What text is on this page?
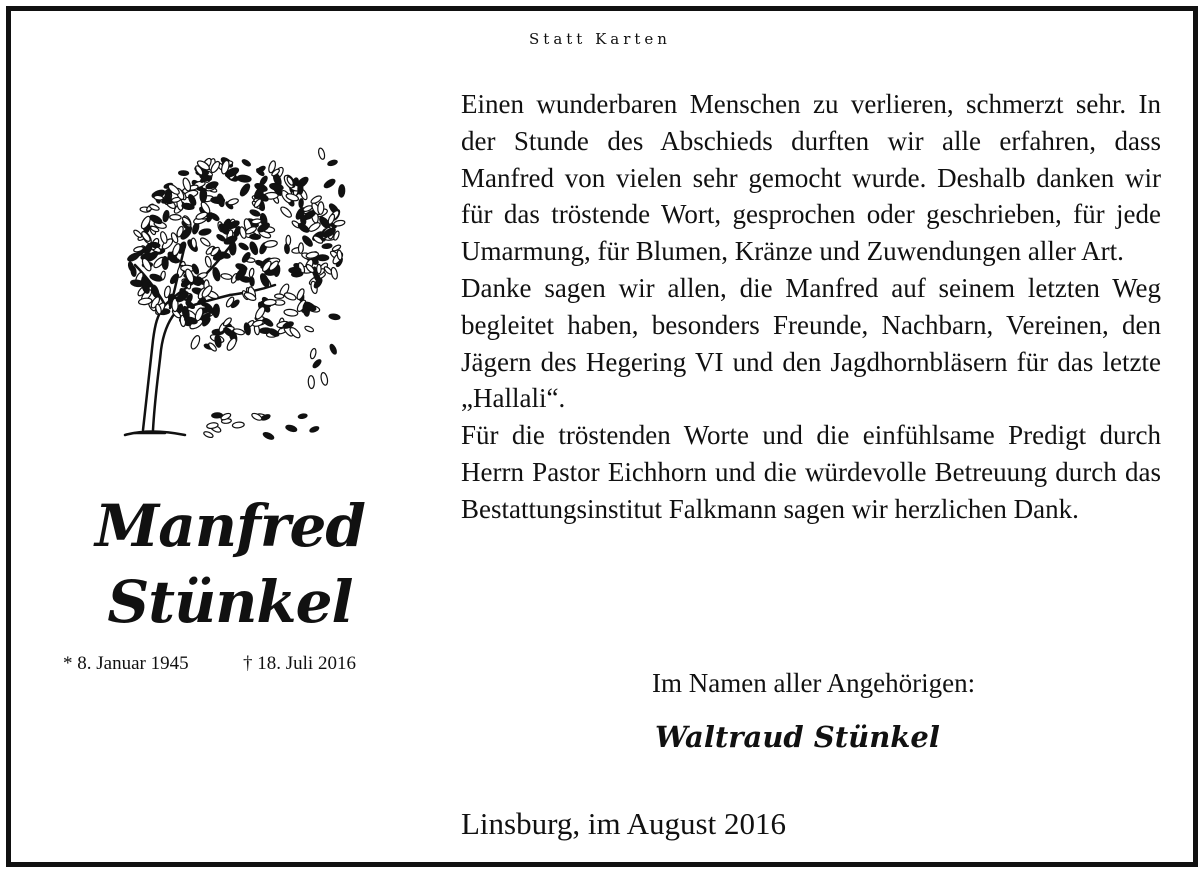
Statt Karten
Manfred
Stünkel
* 8. Januar 1945	† 18. Juli 2016

Einen wunderbaren Menschen zu verlieren, schmerzt sehr. In der Stunde des Abschieds durften wir alle erfahren, dass Manfred von vielen sehr gemocht wurde. Deshalb danken wir für das tröstende Wort, gesprochen oder geschrieben, für jede Umarmung, für Blumen, Kränze und Zuwendungen aller Art.

Danke sagen wir allen, die Manfred auf seinem letzten Weg begleitet haben, besonders Freunde, Nachbarn, Vereinen, den Jägern des Hegering VI und den Jagdhornbläsern für das letzte „Hallali“.

Für die tröstenden Worte und die einfühlsame Predigt durch Herrn Pastor Eichhorn und die würdevolle Betreuung durch das Bestattungsinstitut Falkmann sagen wir herzlichen Dank.

Im Namen aller Angehörigen:
Waltraud Stünkel
Linsburg, im August 2016
